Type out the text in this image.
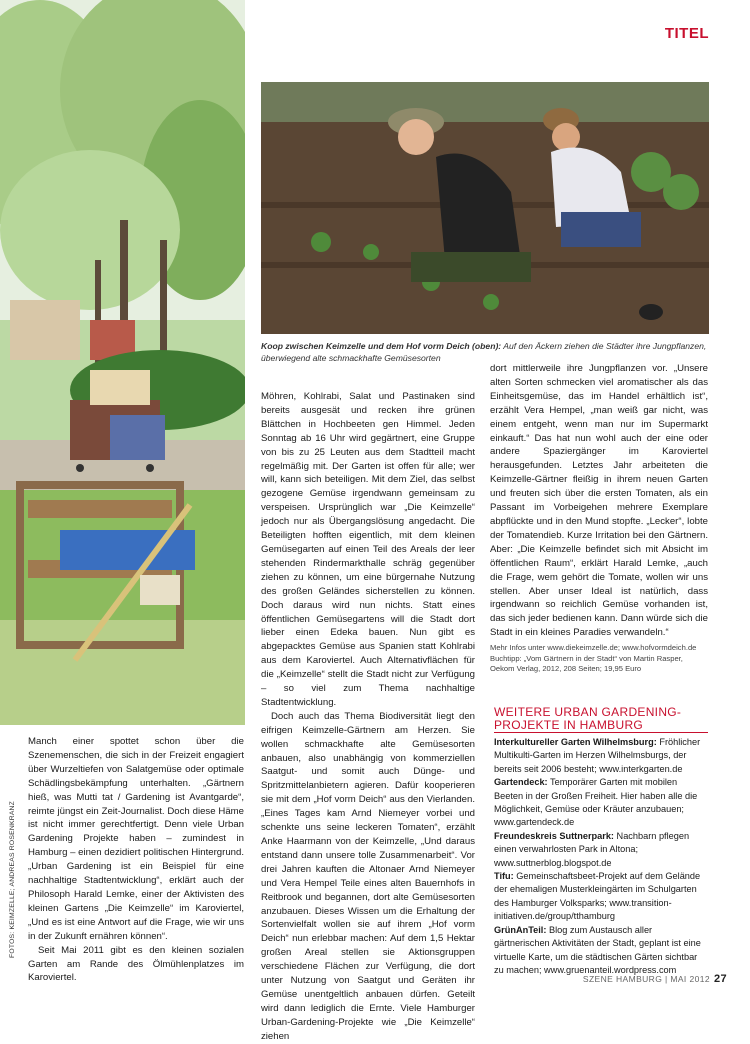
TITEL
Koop zwischen Keimzelle und dem Hof vorm Deich (oben): Auf den Äckern ziehen die Städter ihre Jungpflanzen, überwiegend alte schmackhafte Gemüsesorten

Manch einer spottet schon über die Szenemenschen, die sich in der Freizeit engagiert über Wurzeltiefen von Salatgemüse oder optimale Schädlingsbekämpfung unterhalten. „Gärtnern hieß, was Mutti tat / Gardening ist Avantgarde“, reimte jüngst ein Zeit-Journalist. Doch diese Häme ist nicht immer gerechtfertigt. Denn viele Urban Gardening Projekte haben – zumindest in Hamburg – einen dezidiert politischen Hintergrund. „Urban Gardening ist ein Beispiel für eine nachhaltige Stadtentwicklung“, erklärt auch der Philosoph Harald Lemke, einer der Aktivisten des kleinen Gartens „Die Keimzelle“ im Karoviertel, „Und es ist eine Antwort auf die Frage, wie wir uns in der Zukunft ernähren können“.

Seit Mai 2011 gibt es den kleinen sozialen Garten am Rande des Ölmühlenplatzes im Karoviertel.

FOTOS: KEIMZELLE; ANDREAS ROSENKRANZ

Möhren, Kohlrabi, Salat und Pastinaken sind bereits ausgesät und recken ihre grünen Blättchen in Hochbeeten gen Himmel. Jeden Sonntag ab 16 Uhr wird gegärtnert, eine Gruppe von bis zu 25 Leuten aus dem Stadtteil macht regelmäßig mit. Der Garten ist offen für alle; wer will, kann sich beteiligen. Mit dem Ziel, das selbst gezogene Gemüse irgendwann gemeinsam zu verspeisen. Ursprünglich war „Die Keimzelle“ jedoch nur als Übergangslösung angedacht. Die Beteiligten hofften eigentlich, mit dem kleinen Gemüsegarten auf einen Teil des Areals der leer stehenden Rindermarkthalle schräg gegenüber ziehen zu können, um eine bürgernahe Nutzung des großen Geländes sicherstellen zu können. Doch daraus wird nun nichts. Statt eines öffentlichen Gemüsegartens will die Stadt dort lieber einen Edeka bauen. Nun gibt es abgepacktes Gemüse aus Spanien statt Kohlrabi aus dem Karoviertel. Auch Alternativflächen für die „Keimzelle“ stellt die Stadt nicht zur Verfügung – so viel zum Thema nachhaltige Stadtentwicklung.

Doch auch das Thema Biodiversität liegt den eifrigen Keimzelle-Gärtnern am Herzen. Sie wollen schmackhafte alte Gemüsesorten anbauen, also unabhängig von kommerziellen Saatgut- und somit auch Dünge- und Spritzmittelanbietern agieren. Dafür kooperieren sie mit dem „Hof vorm Deich“ aus den Vierlanden. „Eines Tages kam Arnd Niemeyer vorbei und schenkte uns seine leckeren Tomaten“, erzählt Anke Haarmann von der Keimzelle, „Und daraus entstand dann unsere tolle Zusammenarbeit“. Vor drei Jahren kauften die Altonaer Arnd Niemeyer und Vera Hempel Teile eines alten Bauernhofs in Reitbrook und begannen, dort alte Gemüsesorten anzubauen. Dieses Wissen um die Erhaltung der Sortenvielfalt wollen sie auf ihrem „Hof vorm Deich“ nun erlebbar machen: Auf dem 1,5 Hektar großen Areal stellen sie Aktionsgruppen verschiedene Flächen zur Verfügung, die dort unter Nutzung von Saatgut und Geräten ihr Gemüse unentgeltlich anbauen dürfen. Geteilt wird dann lediglich die Ernte. Viele Hamburger Urban-Gardening-Projekte wie „Die Keimzelle“ ziehen

dort mittlerweile ihre Jungpflanzen vor. „Unsere alten Sorten schmecken viel aromatischer als das Einheitsgemüse, das im Handel erhältlich ist“, erzählt Vera Hempel, „man weiß gar nicht, was einem entgeht, wenn man nur im Supermarkt einkauft.“ Das hat nun wohl auch der eine oder andere Spaziergänger im Karoviertel herausgefunden. Letztes Jahr arbeiteten die Keimzelle-Gärtner fleißig in ihrem neuen Garten und freuten sich über die ersten Tomaten, als ein Passant im Vorbeigehen mehrere Exemplare abpflückte und in den Mund stopfte. „Lecker“, lobte der Tomatendieb. Kurze Irritation bei den Gärtnern. Aber: „Die Keimzelle befindet sich mit Absicht im öffentlichen Raum“, erklärt Harald Lemke, „auch die Frage, wem gehört die Tomate, wollen wir uns stellen. Aber unser Ideal ist natürlich, dass irgendwann so reichlich Gemüse vorhanden ist, das sich jeder bedienen kann. Dann würde sich die Stadt in ein kleines Paradies verwandeln.“

Mehr Infos unter www.diekeimzelle.de; www.hofvormdeich.de Buchtipp: „Vom Gärtnern in der Stadt“ von Martin Rasper, Oekom Verlag, 2012, 208 Seiten; 19,95 Euro
WEITERE URBAN GARDENING-PROJEKTE IN HAMBURG

Interkultureller Garten Wilhelmsburg: Fröhlicher Multikulti-Garten im Herzen Wilhelmsburgs, der bereits seit 2006 besteht; www.interkgarten.de

Gartendeck: Temporärer Garten mit mobilen Beeten in der Großen Freiheit. Hier haben alle die Möglichkeit, Gemüse oder Kräuter anzubauen; www.gartendeck.de

Freundeskreis Suttnerpark: Nachbarn pflegen einen verwahrlosten Park in Altona; www.suttnerblog.blogspot.de

Tifu: Gemeinschaftsbeet-Projekt auf dem Gelände der ehemaligen Musterkleingärten im Schulgarten des Hamburger Volksparks; www.transition-initiativen.de/group/tthamburg

GrünAnTeil: Blog zum Austausch aller gärtnerischen Aktivitäten der Stadt, geplant ist eine virtuelle Karte, um die städtischen Gärten sichtbar zu machen; www.gruenanteil.wordpress.com

SZENE HAMBURG | MAI 2012 27
